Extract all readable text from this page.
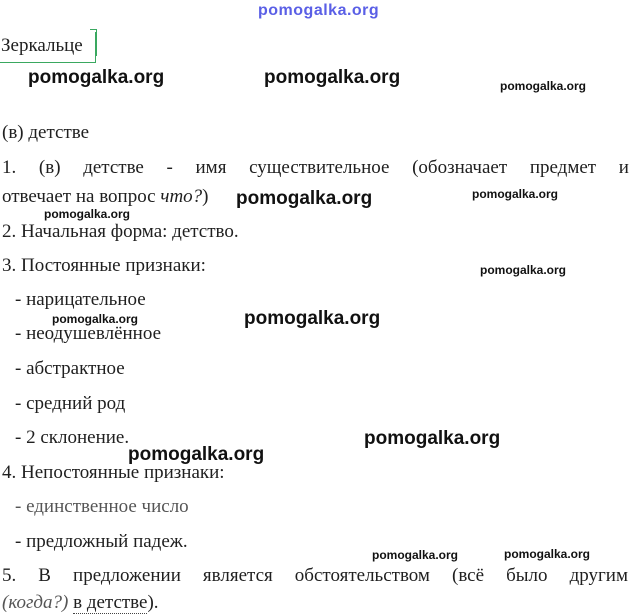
pomogalka.org
Зеркальце
pomogalka.org	pomogalka.org	pomogalka.org
(в) детстве
1. (в) детстве - имя существительное (обозначает предмет и
отвечает на вопрос что?) pomogalka.org	pomogalka.org
pomogalka.org
2. Начальная форма: детство.
3. Постоянные признаки:	pomogalka.org
- нарицательное
pomogalka.org	pomogalka.org
- неодушевлённое
- абстрактное
- средний род
- 2 склонение.	pomogalka.org
pomogalka.org
4. Непостоянные признаки:
- единственное число
- предложный падеж.
pomogalka.org	pomogalka.org
5. В предложении является обстоятельством (всё было другим
(когда?) в детстве).
